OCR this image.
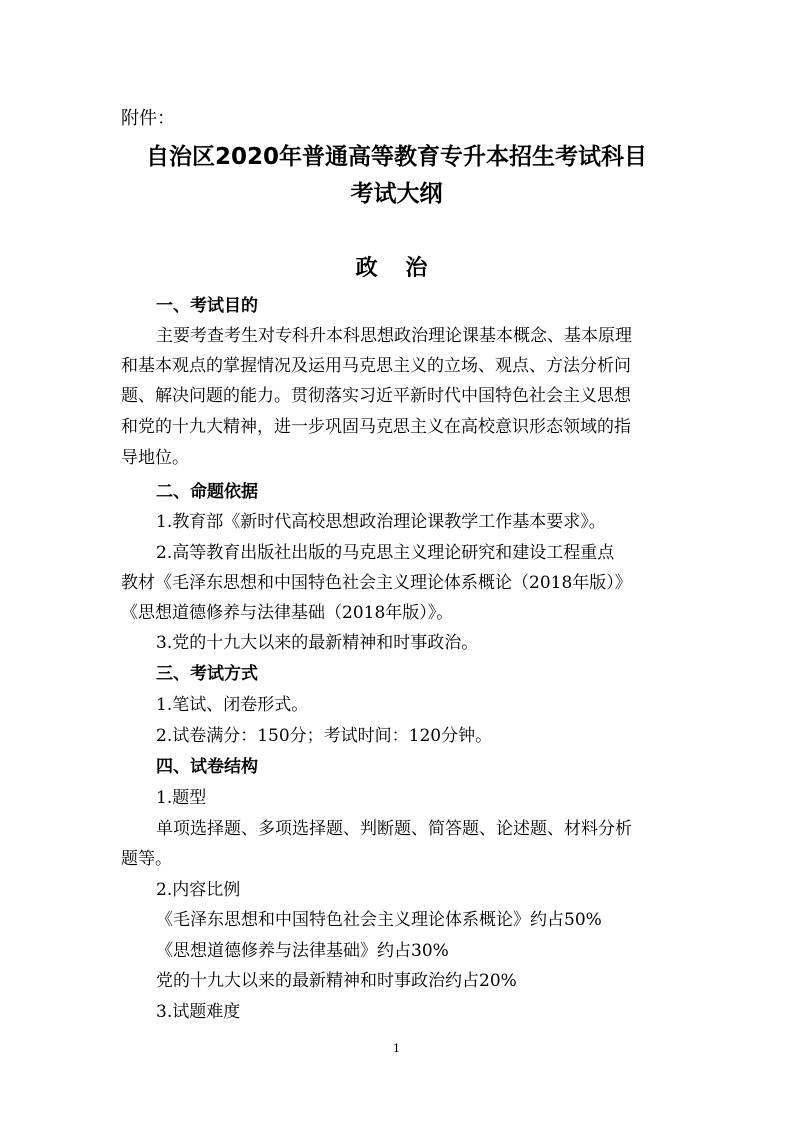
附件：
自治区2020年普通高等教育专升本招生考试科目
考试大纲
政 治
一、考试目的
主要考查考生对专科升本科思想政治理论课基本概念、基本原理
和基本观点的掌握情况及运用马克思主义的立场、观点、方法分析问
题、解决问题的能力。贯彻落实习近平新时代中国特色社会主义思想
和党的十九大精神，进一步巩固马克思主义在高校意识形态领域的指
导地位。
二、命题依据
1.教育部《新时代高校思想政治理论课教学工作基本要求》。
2.高等教育出版社出版的马克思主义理论研究和建设工程重点
教材《毛泽东思想和中国特色社会主义理论体系概论（2018年版）》
《思想道德修养与法律基础（2018年版）》。
3.党的十九大以来的最新精神和时事政治。
三、考试方式
1.笔试、闭卷形式。
2.试卷满分：150分；考试时间：120分钟。
四、试卷结构
1.题型
单项选择题、多项选择题、判断题、简答题、论述题、材料分析
题等。
2.内容比例
《毛泽东思想和中国特色社会主义理论体系概论》约占50%
《思想道德修养与法律基础》约占30%
党的十九大以来的最新精神和时事政治约占20%
3.试题难度
1
